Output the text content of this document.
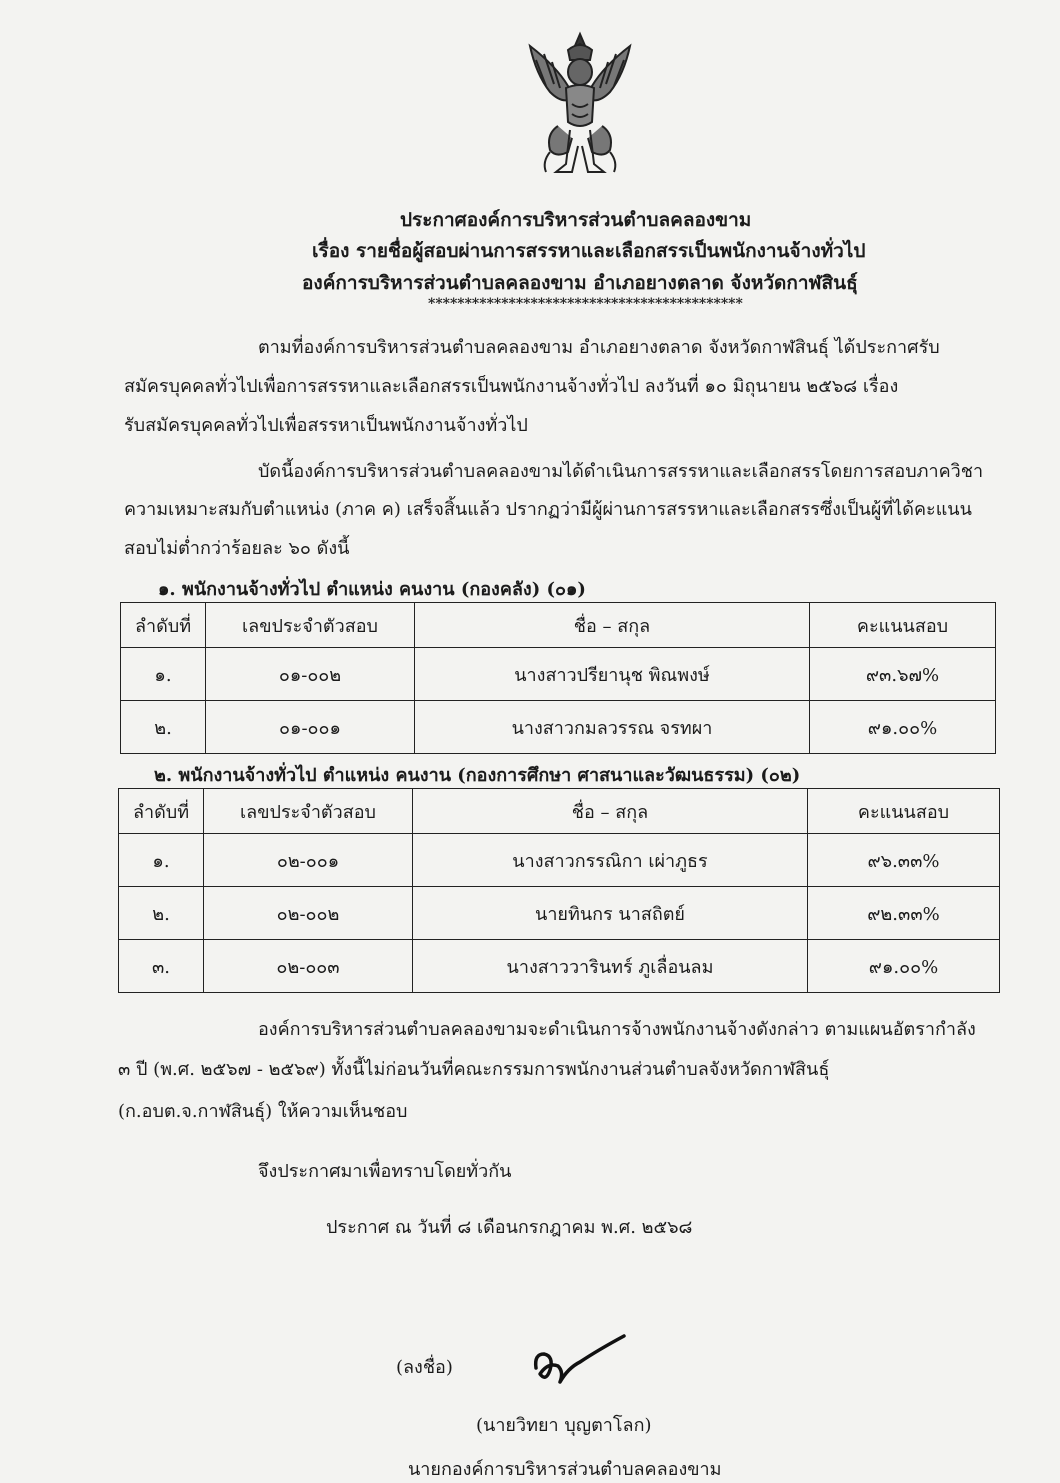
ประกาศองค์การบริหารส่วนตำบลคลองขาม
เรื่อง รายชื่อผู้สอบผ่านการสรรหาและเลือกสรรเป็นพนักงานจ้างทั่วไป
องค์การบริหารส่วนตำบลคลองขาม อำเภอยางตลาด จังหวัดกาฬสินธุ์
*******************************************
ตามที่องค์การบริหารส่วนตำบลคลองขาม อำเภอยางตลาด จังหวัดกาฬสินธุ์ ได้ประกาศรับ
สมัครบุคคลทั่วไปเพื่อการสรรหาและเลือกสรรเป็นพนักงานจ้างทั่วไป ลงวันที่ ๑๐ มิถุนายน ๒๕๖๘ เรื่อง
รับสมัครบุคคลทั่วไปเพื่อสรรหาเป็นพนักงานจ้างทั่วไป
บัดนี้องค์การบริหารส่วนตำบลคลองขามได้ดำเนินการสรรหาและเลือกสรรโดยการสอบภาควิชา
ความเหมาะสมกับตำแหน่ง (ภาค ค) เสร็จสิ้นแล้ว ปรากฏว่ามีผู้ผ่านการสรรหาและเลือกสรรซึ่งเป็นผู้ที่ได้คะแนน
สอบไม่ต่ำกว่าร้อยละ ๖๐ ดังนี้
๑. พนักงานจ้างทั่วไป ตำแหน่ง คนงาน (กองคลัง) (๐๑)
ลำดับที่	เลขประจำตัวสอบ	ชื่อ – สกุล	คะแนนสอบ
๑.	๐๑-๐๐๒	นางสาวปรียานุช พิณพงษ์	๙๓.๖๗%
๒.	๐๑-๐๐๑	นางสาวกมลวรรณ จรทผา	๙๑.๐๐%
๒. พนักงานจ้างทั่วไป ตำแหน่ง คนงาน (กองการศึกษา ศาสนาและวัฒนธรรม) (๐๒)
ลำดับที่	เลขประจำตัวสอบ	ชื่อ – สกุล	คะแนนสอบ
๑.	๐๒-๐๐๑	นางสาวกรรณิกา เผ่าภูธร	๙๖.๓๓%
๒.	๐๒-๐๐๒	นายทินกร นาสถิตย์	๙๒.๓๓%
๓.	๐๒-๐๐๓	นางสาววารินทร์ ภูเลื่อนลม	๙๑.๐๐%
องค์การบริหารส่วนตำบลคลองขามจะดำเนินการจ้างพนักงานจ้างดังกล่าว ตามแผนอัตรากำลัง
๓ ปี (พ.ศ. ๒๕๖๗ - ๒๕๖๙) ทั้งนี้ไม่ก่อนวันที่คณะกรรมการพนักงานส่วนตำบลจังหวัดกาฬสินธุ์
(ก.อบต.จ.กาฬสินธุ์) ให้ความเห็นชอบ
จึงประกาศมาเพื่อทราบโดยทั่วกัน
ประกาศ ณ วันที่ ๘ เดือนกรกฎาคม พ.ศ. ๒๕๖๘
(ลงชื่อ)
(นายวิทยา บุญตาโลก)
นายกองค์การบริหารส่วนตำบลคลองขาม
